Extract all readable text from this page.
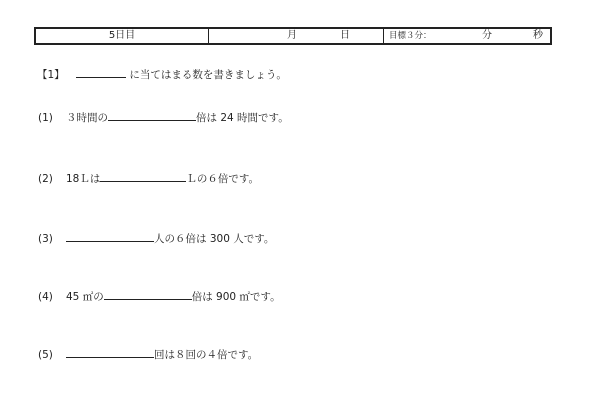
5日目	月	日	目標３分：	分	秒
【1】	に当てはまる数を書きましょう。
(1) ３時間の	倍は 24 時間です。
(2) 18Ｌは	Ｌの６倍です。
(3)	人の６倍は 300 人です。
(4) 45 ㎡の	倍は 900 ㎡です。
(5)	回は８回の４倍です。
